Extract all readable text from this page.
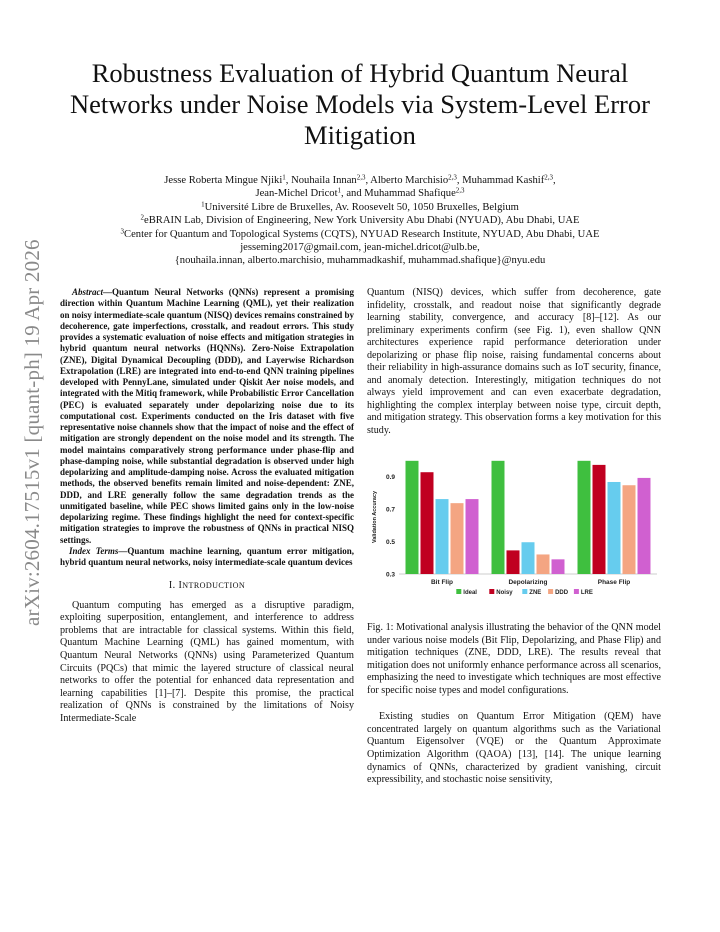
arXiv:2604.17515v1 [quant-ph] 19 Apr 2026
Robustness Evaluation of Hybrid Quantum Neural Networks under Noise Models via System-Level Error Mitigation
Jesse Roberta Mingue Njiki$^1$, Nouhaila Innan$^{2,3}$, Alberto Marchisio$^{2,3}$, Muhammad Kashif$^{2,3}$,
Jean-Michel Dricot$^1$, and Muhammad Shafique$^{2,3}$
$^1$Université Libre de Bruxelles, Av. Roosevelt 50, 1050 Bruxelles, Belgium
$^2$eBRAIN Lab, Division of Engineering, New York University Abu Dhabi (NYUAD), Abu Dhabi, UAE
$^3$Center for Quantum and Topological Systems (CQTS), NYUAD Research Institute, NYUAD, Abu Dhabi, UAE
jesseming2017@gmail.com, jean-michel.dricot@ulb.be,
{nouhaila.innan, alberto.marchisio, muhammadkashif, muhammad.shafique}@nyu.edu

Abstract—Quantum Neural Networks (QNNs) represent a promising direction within Quantum Machine Learning (QML), yet their realization on noisy intermediate-scale quantum (NISQ) devices remains constrained by decoherence, gate imperfections, crosstalk, and readout errors. This study provides a systematic evaluation of noise effects and mitigation strategies in hybrid quantum neural networks (HQNNs). Zero-Noise Extrapolation (ZNE), Digital Dynamical Decoupling (DDD), and Layerwise Richardson Extrapolation (LRE) are integrated into end-to-end QNN training pipelines developed with PennyLane, simulated under Qiskit Aer noise models, and integrated with the Mitiq framework, while Probabilistic Error Cancellation (PEC) is evaluated separately under depolarizing noise due to its computational cost. Experiments conducted on the Iris dataset with five representative noise channels show that the impact of noise and the effect of mitigation are strongly dependent on the noise model and its strength. The model maintains comparatively strong performance under phase-flip and phase-damping noise, while substantial degradation is observed under high depolarizing and amplitude-damping noise. Across the evaluated mitigation methods, the observed benefits remain limited and noise-dependent: ZNE, DDD, and LRE generally follow the same degradation trends as the unmitigated baseline, while PEC shows limited gains only in the low-noise depolarizing regime. These findings highlight the need for context-specific mitigation strategies to improve the robustness of QNNs in practical NISQ settings.

Index Terms—Quantum machine learning, quantum error mitigation, hybrid quantum neural networks, noisy intermediate-scale quantum devices

I. INTRODUCTION

Quantum computing has emerged as a disruptive paradigm, exploiting superposition, entanglement, and interference to address problems that are intractable for classical systems. Within this field, Quantum Machine Learning (QML) has gained momentum, with Quantum Neural Networks (QNNs) using Parameterized Quantum Circuits (PQCs) that mimic the layered structure of classical neural networks to offer the potential for enhanced data representation and learning capabilities [1]–[7]. Despite this promise, the practical realization of QNNs is constrained by the limitations of Noisy Intermediate-Scale

Quantum (NISQ) devices, which suffer from decoherence, gate infidelity, crosstalk, and readout noise that significantly degrade learning stability, convergence, and accuracy [8]–[12]. As our preliminary experiments confirm (see Fig. 1), even shallow QNN architectures experience rapid performance deterioration under depolarizing or phase flip noise, raising fundamental concerns about their reliability in high-assurance domains such as IoT security, finance, and anomaly detection. Interestingly, mitigation techniques do not always yield improvement and can even exacerbate degradation, highlighting the complex interplay between noise type, circuit depth, and mitigation strategy. This observation forms a key motivation for this study.

0.3
0.5
0.7
0.9
Validation Accuracy
Bit Flip	Depolarizing	Phase Flip
Ideal	Noisy	ZNE DDD LRE

Fig. 1: Motivational analysis illustrating the behavior of the QNN model under various noise models (Bit Flip, Depolarizing, and Phase Flip) and mitigation techniques (ZNE, DDD, LRE). The results reveal that mitigation does not uniformly enhance performance across all scenarios, emphasizing the need to investigate which techniques are most effective for specific noise types and model configurations.

Existing studies on Quantum Error Mitigation (QEM) have concentrated largely on quantum algorithms such as the Variational Quantum Eigensolver (VQE) or the Quantum Approximate Optimization Algorithm (QAOA) [13], [14]. The unique learning dynamics of QNNs, characterized by gradient vanishing, circuit expressibility, and stochastic noise sensitivity,
